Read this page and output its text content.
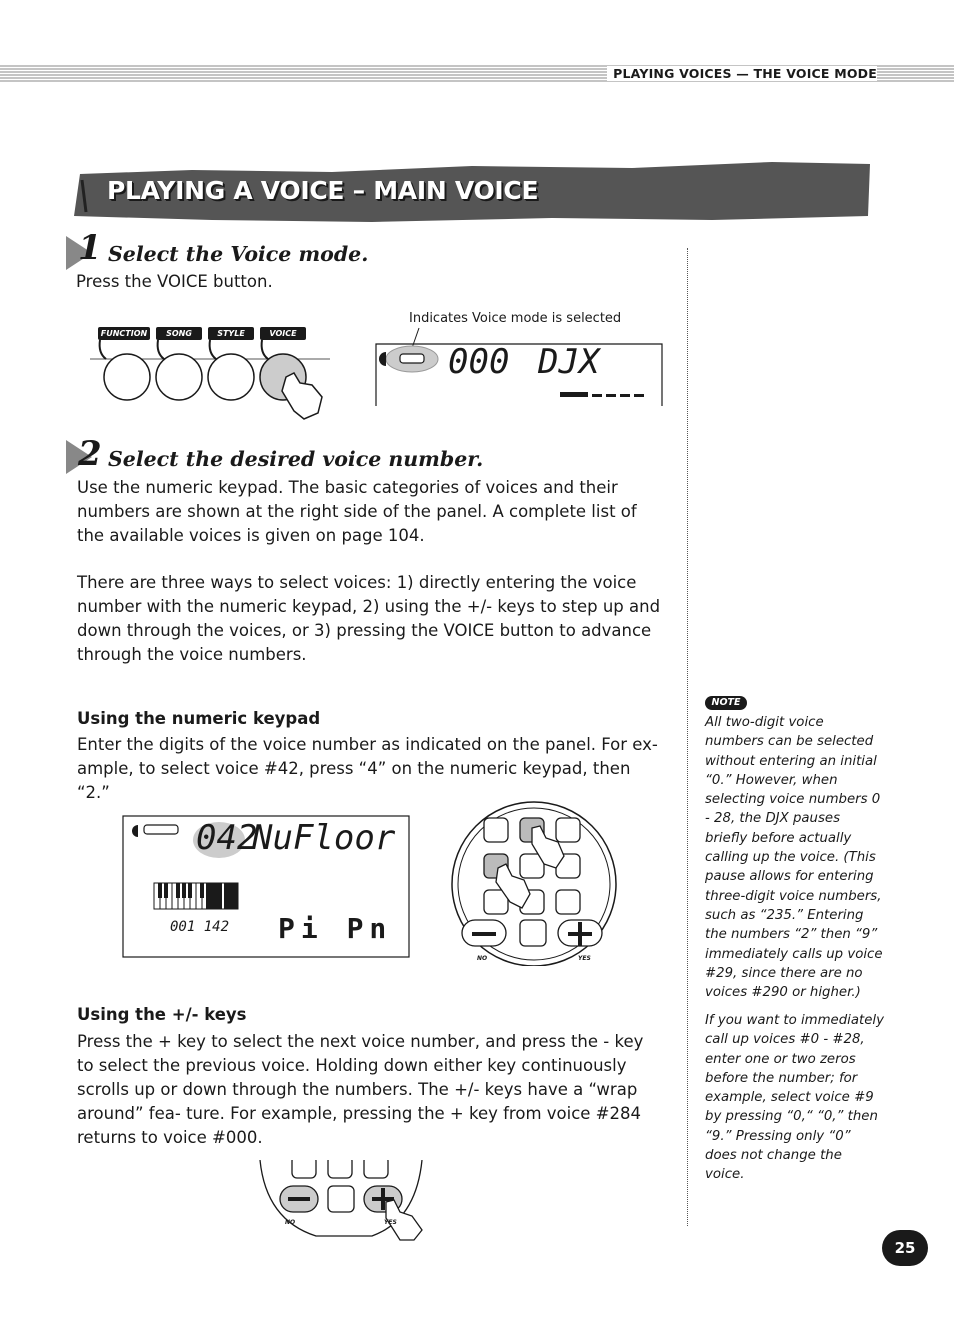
PLAYING VOICES — THE VOICE MODE
PLAYING A VOICE – MAIN VOICE
1 Select the Voice mode.
Press the VOICE button.
FUNCTION	SONG	STYLE	VOICE
Indicates Voice mode is selected
000 DJX
2 Select the desired voice number.
Use the numeric keypad. The basic categories of voices and their numbers are shown at the right side of the panel. A complete list of the available voices is given on page 104.
There are three ways to select voices: 1) directly entering the voice number with the numeric keypad, 2) using the +/- keys to step up and down through the voices, or 3) pressing the VOICE button to advance through the voice numbers.
Using the numeric keypad
Enter the digits of the voice number as indicated on the panel. For ex- ample, to select voice #42, press “4” on the numeric keypad, then “2.”
042
NuFloor
001 142 Pi Pn
NO	YES
Using the +/- keys
Press the + key to select the next voice number, and press the - key to select the previous voice. Holding down either key continuously scrolls up or down through the numbers. The +/- keys have a “wrap around” fea- ture. For example, pressing the + key from voice #284 returns to voice #000.
NO	YES
NOTE
All two-digit voice numbers can be selected without entering an initial “0.” However, when selecting voice numbers 0 - 28, the DJX pauses briefly before actually calling up the voice. (This pause allows for entering three-digit voice numbers, such as “235.” Entering the numbers “2” then “9” immediately calls up voice #29, since there are no voices #290 or higher.)
If you want to immediately call up voices #0 - #28, enter one or two zeros before the number; for example, select voice #9 by pressing “0,“ “0,” then “9.” Pressing only “0” does not change the voice.
25
